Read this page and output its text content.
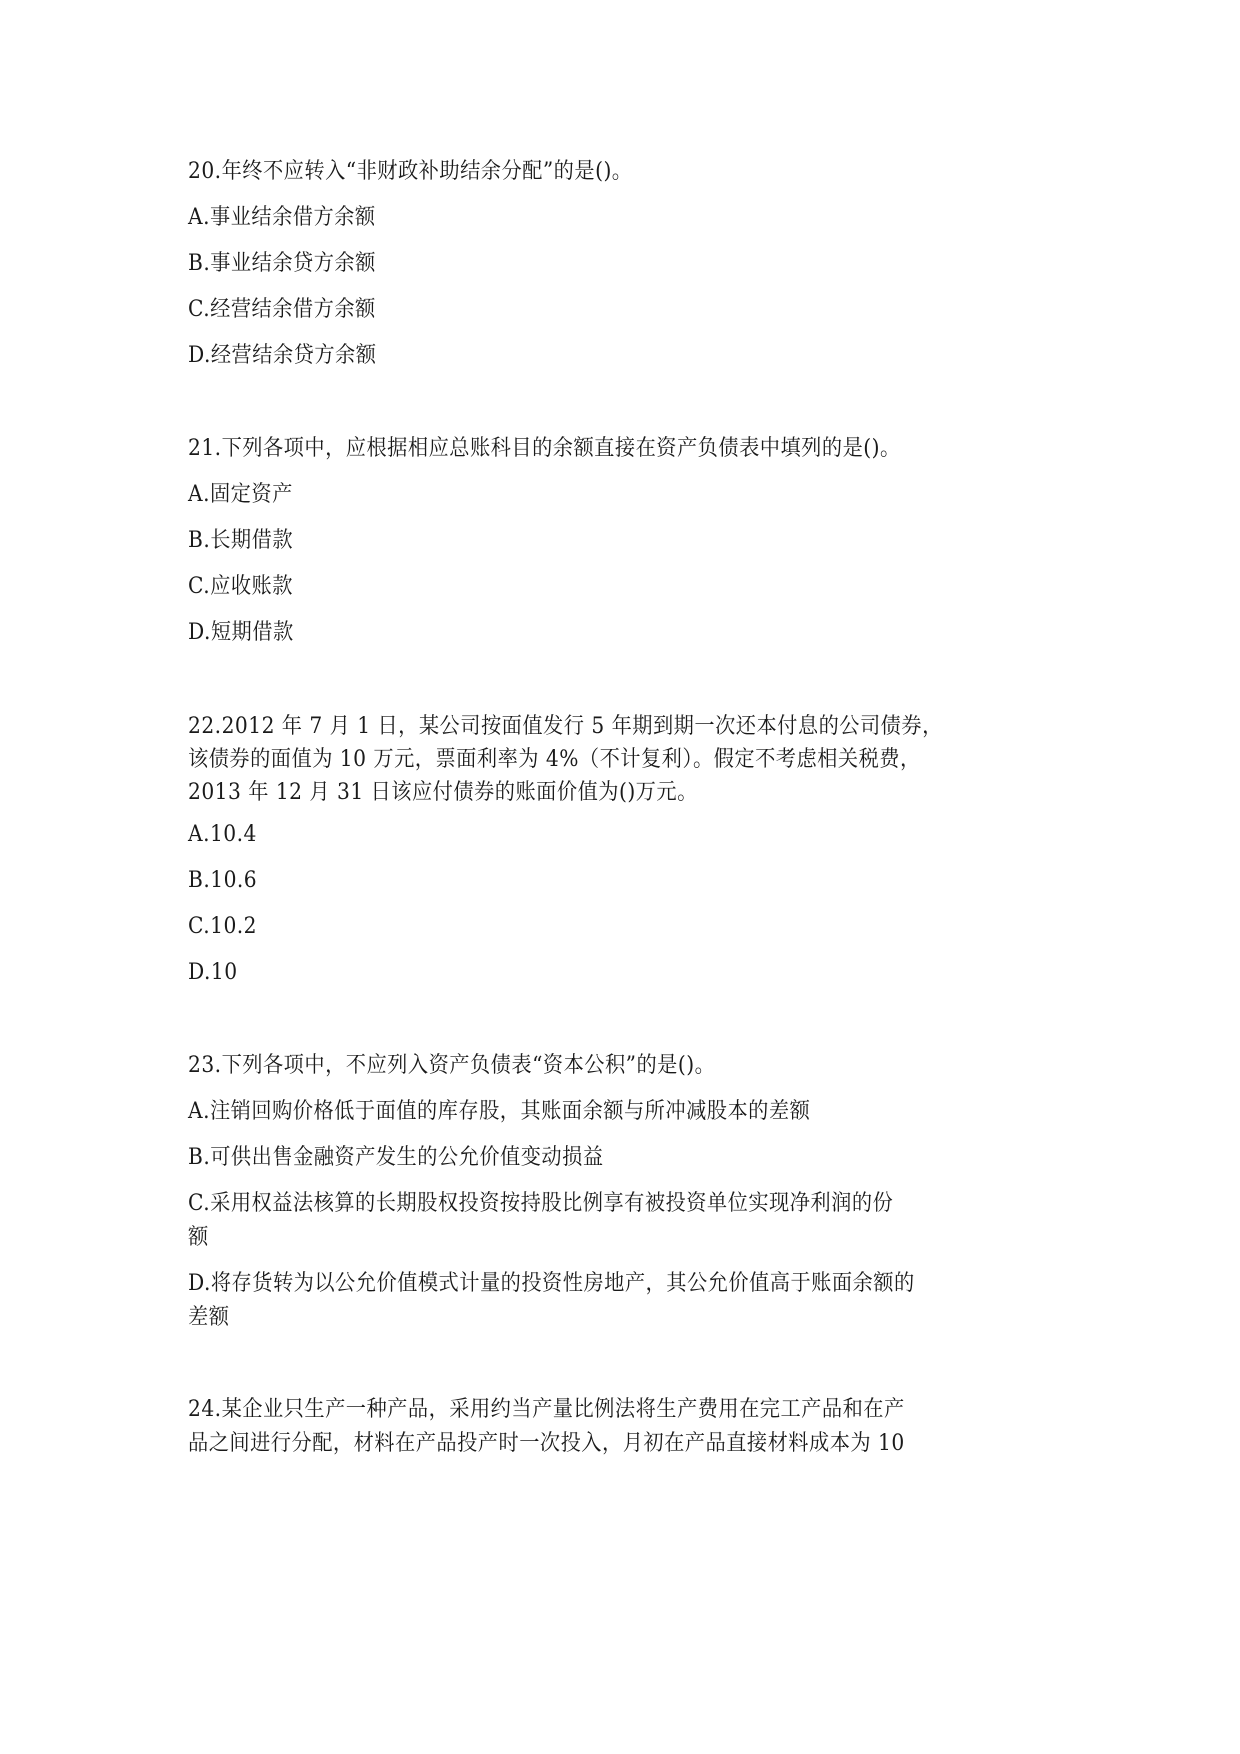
20.年终不应转入“非财政补助结余分配”的是()。
A.事业结余借方余额
B.事业结余贷方余额
C.经营结余借方余额
D.经营结余贷方余额
21.下列各项中，应根据相应总账科目的余额直接在资产负债表中填列的是()。
A.固定资产
B.长期借款
C.应收账款
D.短期借款
22.2012 年 7 月 1 日，某公司按面值发行 5 年期到期一次还本付息的公司债券，
该债券的面值为 10 万元，票面利率为 4%（不计复利）。假定不考虑相关税费，
2013 年 12 月 31 日该应付债券的账面价值为()万元。
A.10.4
B.10.6
C.10.2
D.10
23.下列各项中，不应列入资产负债表“资本公积”的是()。
A.注销回购价格低于面值的库存股，其账面余额与所冲减股本的差额
B.可供出售金融资产发生的公允价值变动损益
C.采用权益法核算的长期股权投资按持股比例享有被投资单位实现净利润的份
额
D.将存货转为以公允价值模式计量的投资性房地产，其公允价值高于账面余额的
差额
24.某企业只生产一种产品，采用约当产量比例法将生产费用在完工产品和在产
品之间进行分配，材料在产品投产时一次投入，月初在产品直接材料成本为 10
